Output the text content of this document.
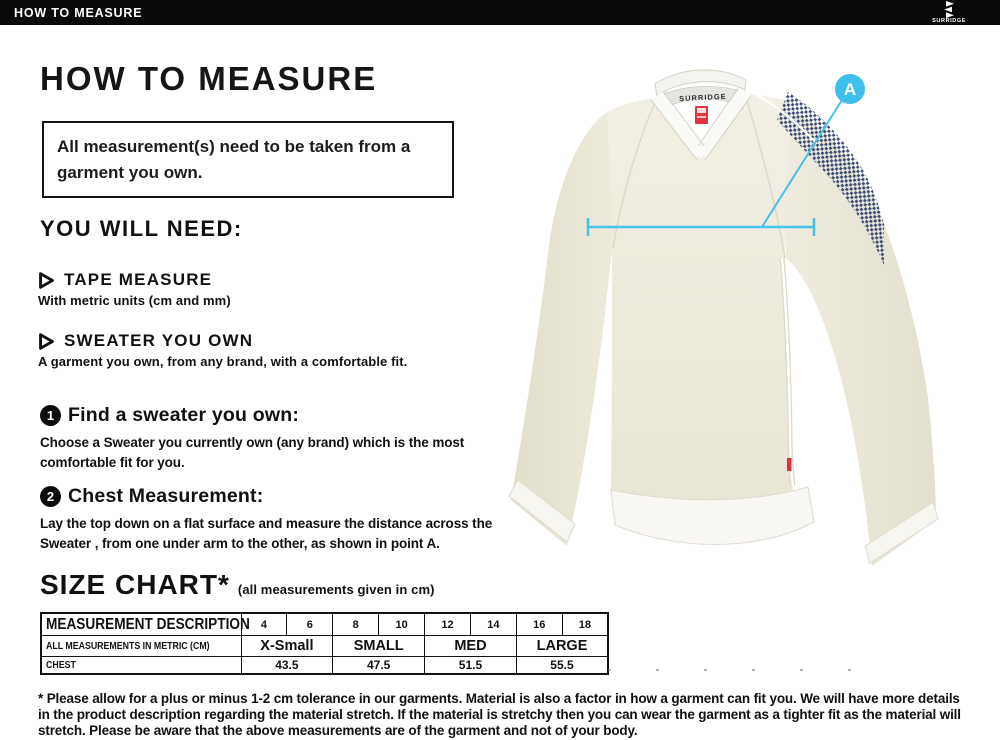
HOW TO MEASURE
SURRIDGE
HOW TO MEASURE
All measurement(s) need to be taken from a garment you own.
YOU WILL NEED:
TAPE MEASURE
With metric units (cm and mm)
SWEATER YOU OWN
A garment you own, from any brand, with a comfortable fit.
1 Find a sweater you own:
Choose a Sweater you currently own (any brand) which is the most comfortable fit for you.
2 Chest Measurement:
Lay the top down on a flat surface and measure the distance across the Sweater , from one under arm to the other, as shown in point A.
SIZE CHART* (all measurements given in cm)
MEASUREMENT DESCRIPTION	4	6	8	10	12	14	16	18
ALL MEASUREMENTS IN METRIC (CM)	X-Small		SMALL		MED		LARGE	
CHEST	43.5		47.5		51.5		55.5	
* Please allow for a plus or minus 1-2 cm tolerance in our garments. Material is also a factor in how a garment can fit you. We will have more details in the product description regarding the material stretch. If the material is stretchy then you can wear the garment as a tighter fit as the material will stretch. Please be aware that the above measurements are of the garment and not of your body.
SURRIDGE	A
